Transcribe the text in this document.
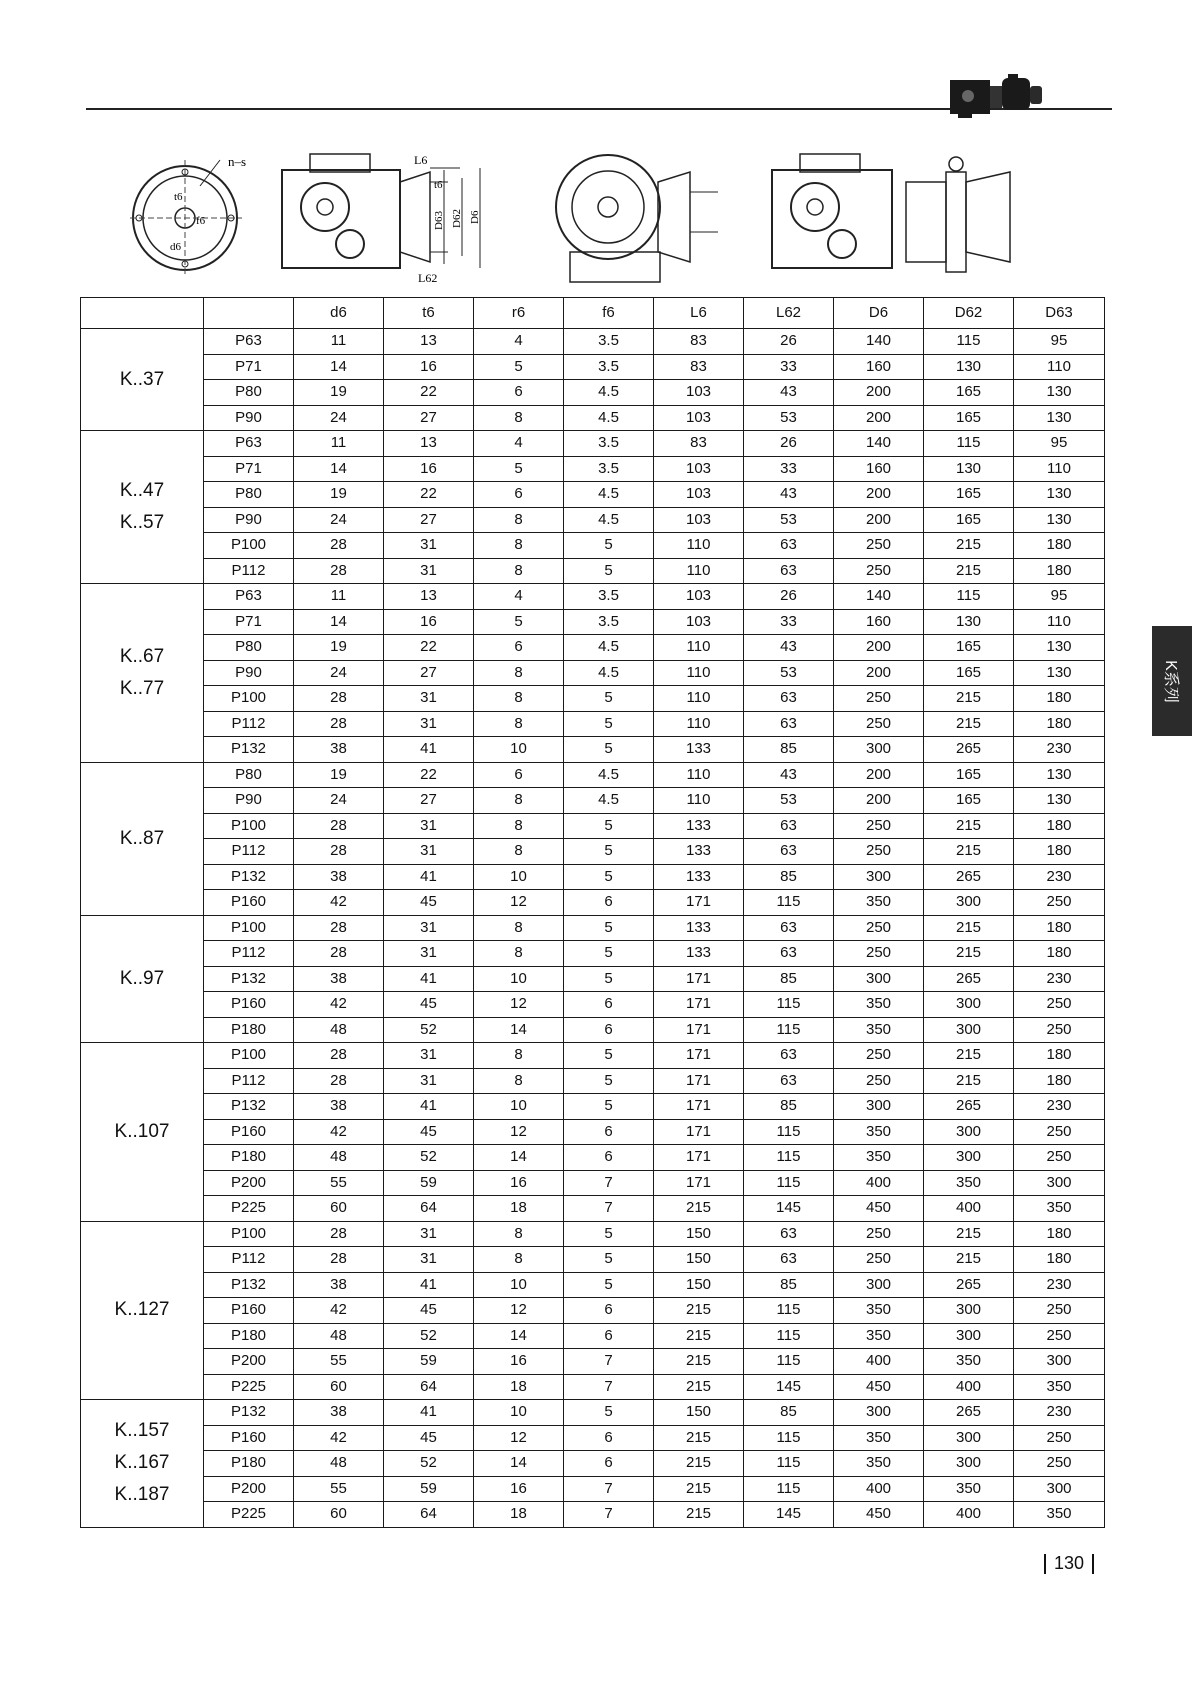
n–s
d6
t6
f6
L6
t6
D63 D62 D6
L62
		d6	t6	r6	f6	L6	L62	D6	D62	D63

K..37	P63	11	13	4	3.5	83	26	140	115	95
	P71	14	16	5	3.5	83	33	160	130	110
	P80	19	22	6	4.5	103	43	200	165	130
	P90	24	27	8	4.5	103	53	200	165	130

K..47
K..57	P63	11	13	4	3.5	83	26	140	115	95
	P71	14	16	5	3.5	103	33	160	130	110
	P80	19	22	6	4.5	103	43	200	165	130
	P90	24	27	8	4.5	103	53	200	165	130
	P100	28	31	8	5	110	63	250	215	180
	P112	28	31	8	5	110	63	250	215	180

K..67
K..77	P63	11	13	4	3.5	103	26	140	115	95
	P71	14	16	5	3.5	103	33	160	130	110
	P80	19	22	6	4.5	110	43	200	165	130
	P90	24	27	8	4.5	110	53	200	165	130
	P100	28	31	8	5	110	63	250	215	180
	P112	28	31	8	5	110	63	250	215	180
	P132	38	41	10	5	133	85	300	265	230

K..87	P80	19	22	6	4.5	110	43	200	165	130
	P90	24	27	8	4.5	110	53	200	165	130
	P100	28	31	8	5	133	63	250	215	180
	P112	28	31	8	5	133	63	250	215	180
	P132	38	41	10	5	133	85	300	265	230
	P160	42	45	12	6	171	115	350	300	250

K..97	P100	28	31	8	5	133	63	250	215	180
	P112	28	31	8	5	133	63	250	215	180
	P132	38	41	10	5	171	85	300	265	230
	P160	42	45	12	6	171	115	350	300	250
	P180	48	52	14	6	171	115	350	300	250

K..107	P100	28	31	8	5	171	63	250	215	180
	P112	28	31	8	5	171	63	250	215	180
	P132	38	41	10	5	171	85	300	265	230
	P160	42	45	12	6	171	115	350	300	250
	P180	48	52	14	6	171	115	350	300	250
	P200	55	59	16	7	171	115	400	350	300
	P225	60	64	18	7	215	145	450	400	350

K..127	P100	28	31	8	5	150	63	250	215	180
	P112	28	31	8	5	150	63	250	215	180
	P132	38	41	10	5	150	85	300	265	230
	P160	42	45	12	6	215	115	350	300	250
	P180	48	52	14	6	215	115	350	300	250
	P200	55	59	16	7	215	115	400	350	300
	P225	60	64	18	7	215	145	450	400	350

K..157
K..167
K..187	P132	38	41	10	5	150	85	300	265	230
	P160	42	45	12	6	215	115	350	300	250
	P180	48	52	14	6	215	115	350	300	250
	P200	55	59	16	7	215	115	400	350	300
	P225	60	64	18	7	215	145	450	400	350
K系列
130
